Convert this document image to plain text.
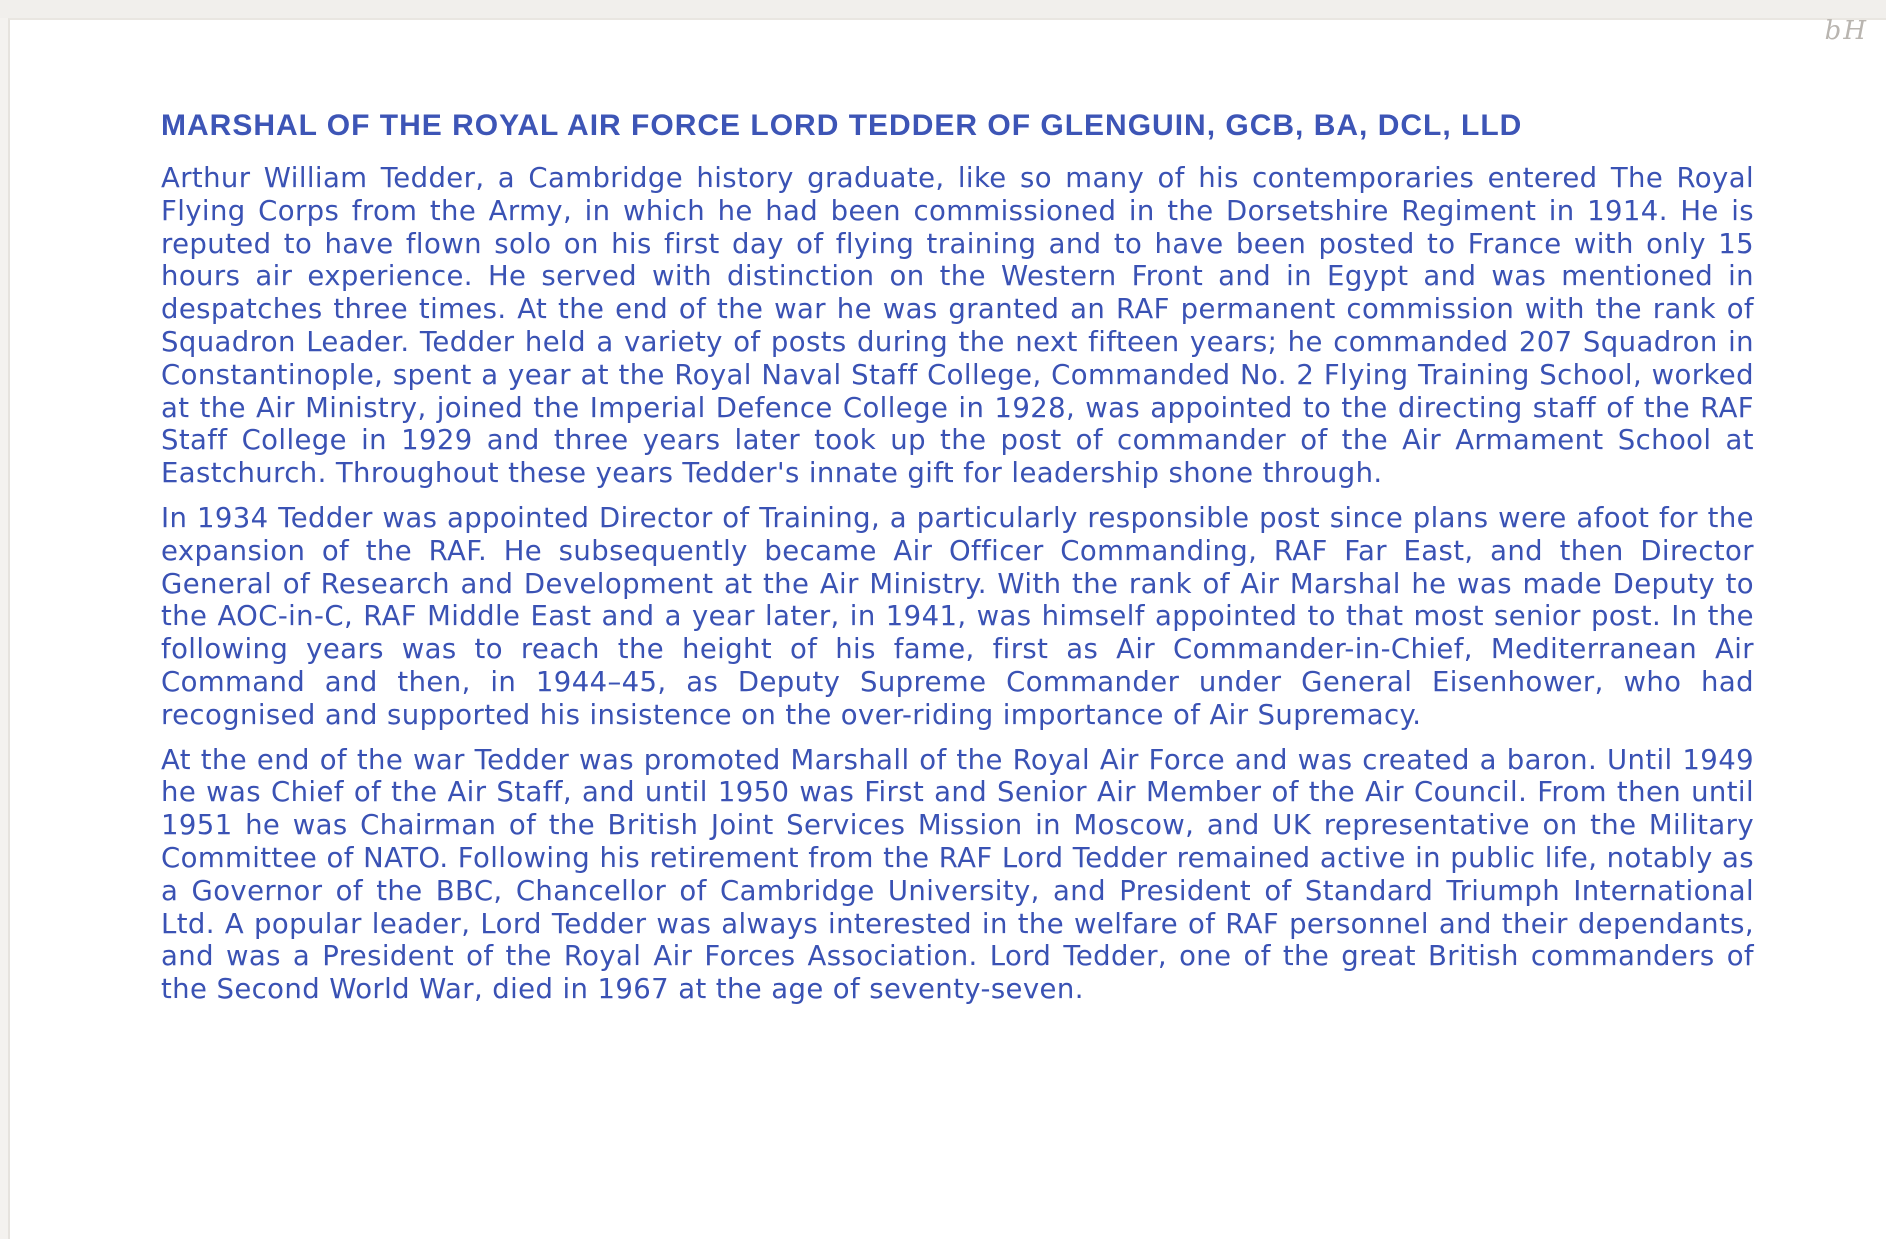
bH
MARSHAL OF THE ROYAL AIR FORCE LORD TEDDER OF GLENGUIN, GCB, BA, DCL, LLD

Arthur William Tedder, a Cambridge history graduate, like so many of his contemporaries entered The Royal Flying Corps from the Army, in which he had been commissioned in the Dorsetshire Regiment in 1914. He is reputed to have flown solo on his first day of flying training and to have been posted to France with only 15 hours air experience. He served with distinction on the Western Front and in Egypt and was mentioned in despatches three times. At the end of the war he was granted an RAF permanent commission with the rank of Squadron Leader. Tedder held a variety of posts during the next fifteen years; he commanded 207 Squadron in Constantinople, spent a year at the Royal Naval Staff College, Commanded No. 2 Flying Training School, worked at the Air Ministry, joined the Imperial Defence College in 1928, was appointed to the directing staff of the RAF Staff College in 1929 and three years later took up the post of commander of the Air Armament School at Eastchurch. Throughout these years Tedder's innate gift for leadership shone through.

In 1934 Tedder was appointed Director of Training, a particularly responsible post since plans were afoot for the expansion of the RAF. He subsequently became Air Officer Commanding, RAF Far East, and then Director General of Research and Development at the Air Ministry. With the rank of Air Marshal he was made Deputy to the AOC-in-C, RAF Middle East and a year later, in 1941, was himself appointed to that most senior post. In the following years was to reach the height of his fame, first as Air Commander-in-Chief, Mediterranean Air Command and then, in 1944–45, as Deputy Supreme Commander under General Eisenhower, who had recognised and supported his insistence on the over-riding importance of Air Supremacy.

At the end of the war Tedder was promoted Marshall of the Royal Air Force and was created a baron. Until 1949 he was Chief of the Air Staff, and until 1950 was First and Senior Air Member of the Air Council. From then until 1951 he was Chairman of the British Joint Services Mission in Moscow, and UK representative on the Military Committee of NATO. Following his retirement from the RAF Lord Tedder remained active in public life, notably as a Governor of the BBC, Chancellor of Cambridge University, and President of Standard Triumph International Ltd. A popular leader, Lord Tedder was always interested in the welfare of RAF personnel and their dependants, and was a President of the Royal Air Forces Association. Lord Tedder, one of the great British commanders of the Second World War, died in 1967 at the age of seventy-seven.
